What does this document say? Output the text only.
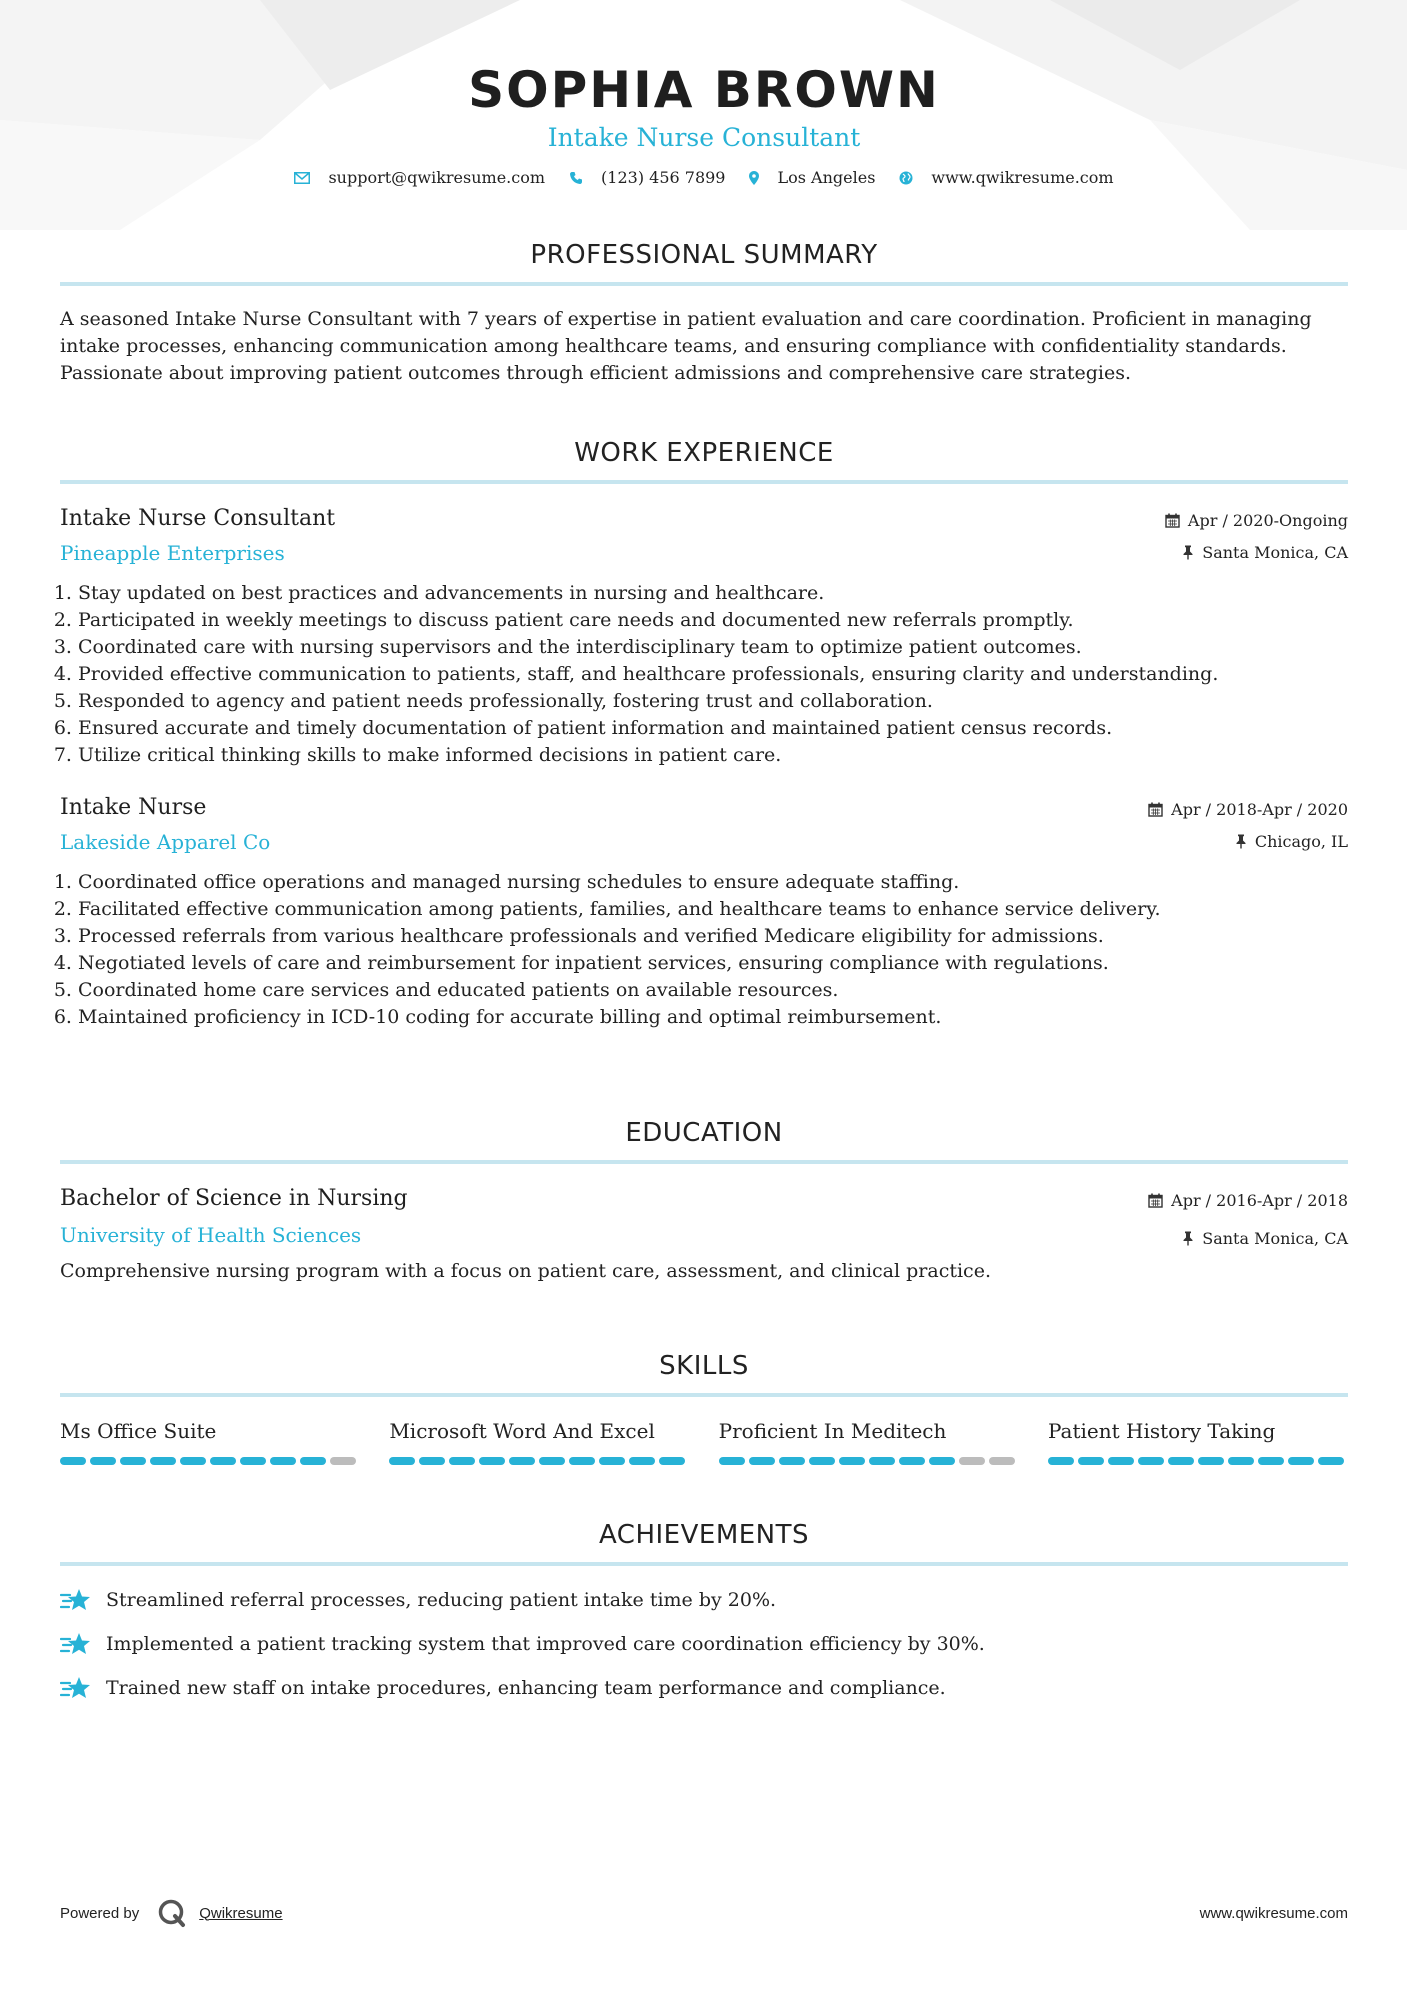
SOPHIA BROWN
Intake Nurse Consultant
support@qwikresume.com	(123) 456 7899	Los Angeles	www.qwikresume.com
PROFESSIONAL SUMMARY
A seasoned Intake Nurse Consultant with 7 years of expertise in patient evaluation and care coordination. Proficient in managing intake processes, enhancing communication among healthcare teams, and ensuring compliance with confidentiality standards. Passionate about improving patient outcomes through efficient admissions and comprehensive care strategies.
WORK EXPERIENCE
Intake Nurse Consultant
Pineapple Enterprises
Apr / 2020-Ongoing
Santa Monica, CA
1. Stay updated on best practices and advancements in nursing and healthcare.
2. Participated in weekly meetings to discuss patient care needs and documented new referrals promptly.
3. Coordinated care with nursing supervisors and the interdisciplinary team to optimize patient outcomes.
4. Provided effective communication to patients, staff, and healthcare professionals, ensuring clarity and understanding.
5. Responded to agency and patient needs professionally, fostering trust and collaboration.
6. Ensured accurate and timely documentation of patient information and maintained patient census records.
7. Utilize critical thinking skills to make informed decisions in patient care.
Intake Nurse
Lakeside Apparel Co
Apr / 2018-Apr / 2020
Chicago, IL
1. Coordinated office operations and managed nursing schedules to ensure adequate staffing.
2. Facilitated effective communication among patients, families, and healthcare teams to enhance service delivery.
3. Processed referrals from various healthcare professionals and verified Medicare eligibility for admissions.
4. Negotiated levels of care and reimbursement for inpatient services, ensuring compliance with regulations.
5. Coordinated home care services and educated patients on available resources.
6. Maintained proficiency in ICD-10 coding for accurate billing and optimal reimbursement.
EDUCATION
Bachelor of Science in Nursing
University of Health Sciences
Apr / 2016-Apr / 2018
Santa Monica, CA
Comprehensive nursing program with a focus on patient care, assessment, and clinical practice.
SKILLS
Ms Office Suite	Microsoft Word And Excel	Proficient In Meditech	Patient History Taking
ACHIEVEMENTS
Streamlined referral processes, reducing patient intake time by 20%.
Implemented a patient tracking system that improved care coordination efficiency by 30%.
Trained new staff on intake procedures, enhancing team performance and compliance.
Powered by	Qwikresume	www.qwikresume.com
